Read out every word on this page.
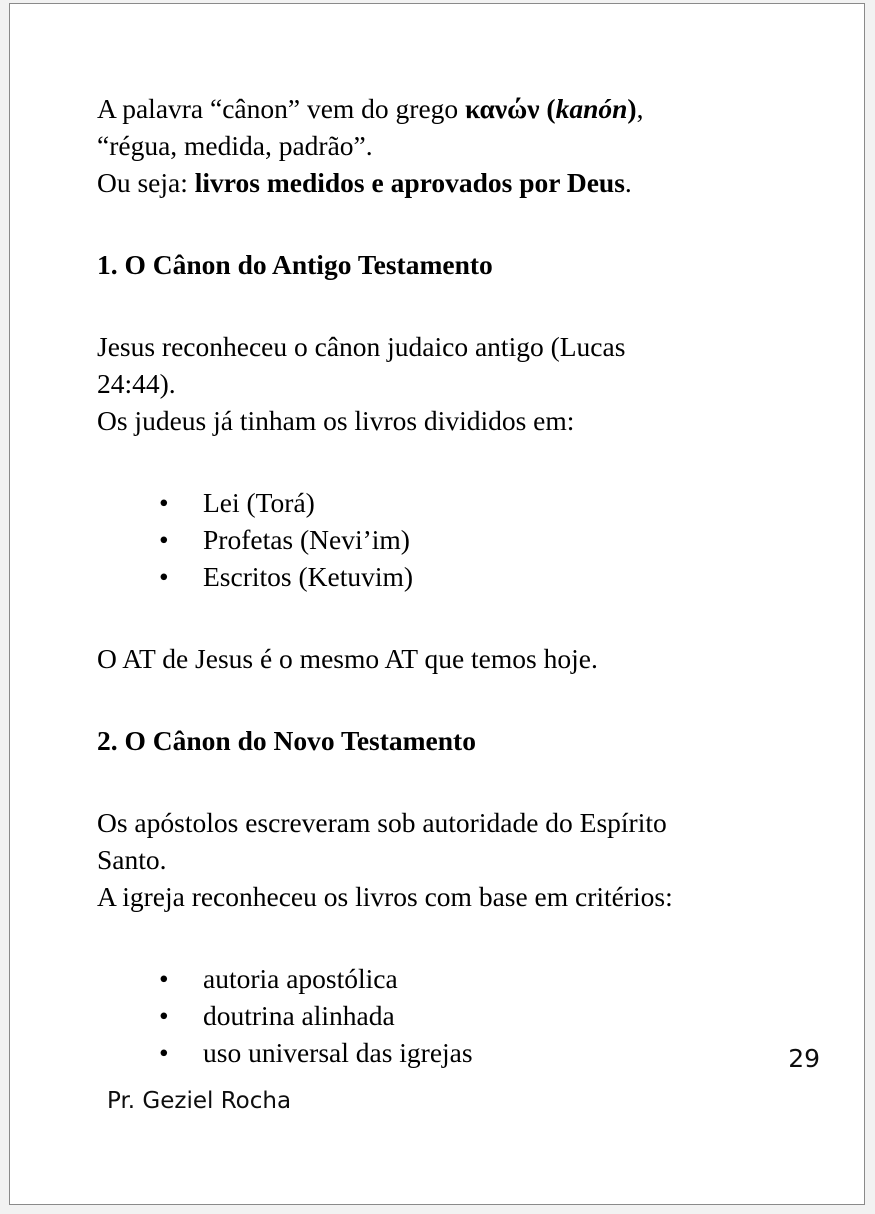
A palavra “cânon” vem do grego κανών (kanón),
“régua, medida, padrão”.
Ou seja: livros medidos e aprovados por Deus.

1. O Cânon do Antigo Testamento

Jesus reconheceu o cânon judaico antigo (Lucas
24:44).
Os judeus já tinham os livros divididos em:

• Lei (Torá)
• Profetas (Nevi’im)
• Escritos (Ketuvim)

O AT de Jesus é o mesmo AT que temos hoje.

2. O Cânon do Novo Testamento

Os apóstolos escreveram sob autoridade do Espírito
Santo.
A igreja reconheceu os livros com base em critérios:

• autoria apostólica
• doutrina alinhada
• uso universal das igrejas	29
Pr. Geziel Rocha
